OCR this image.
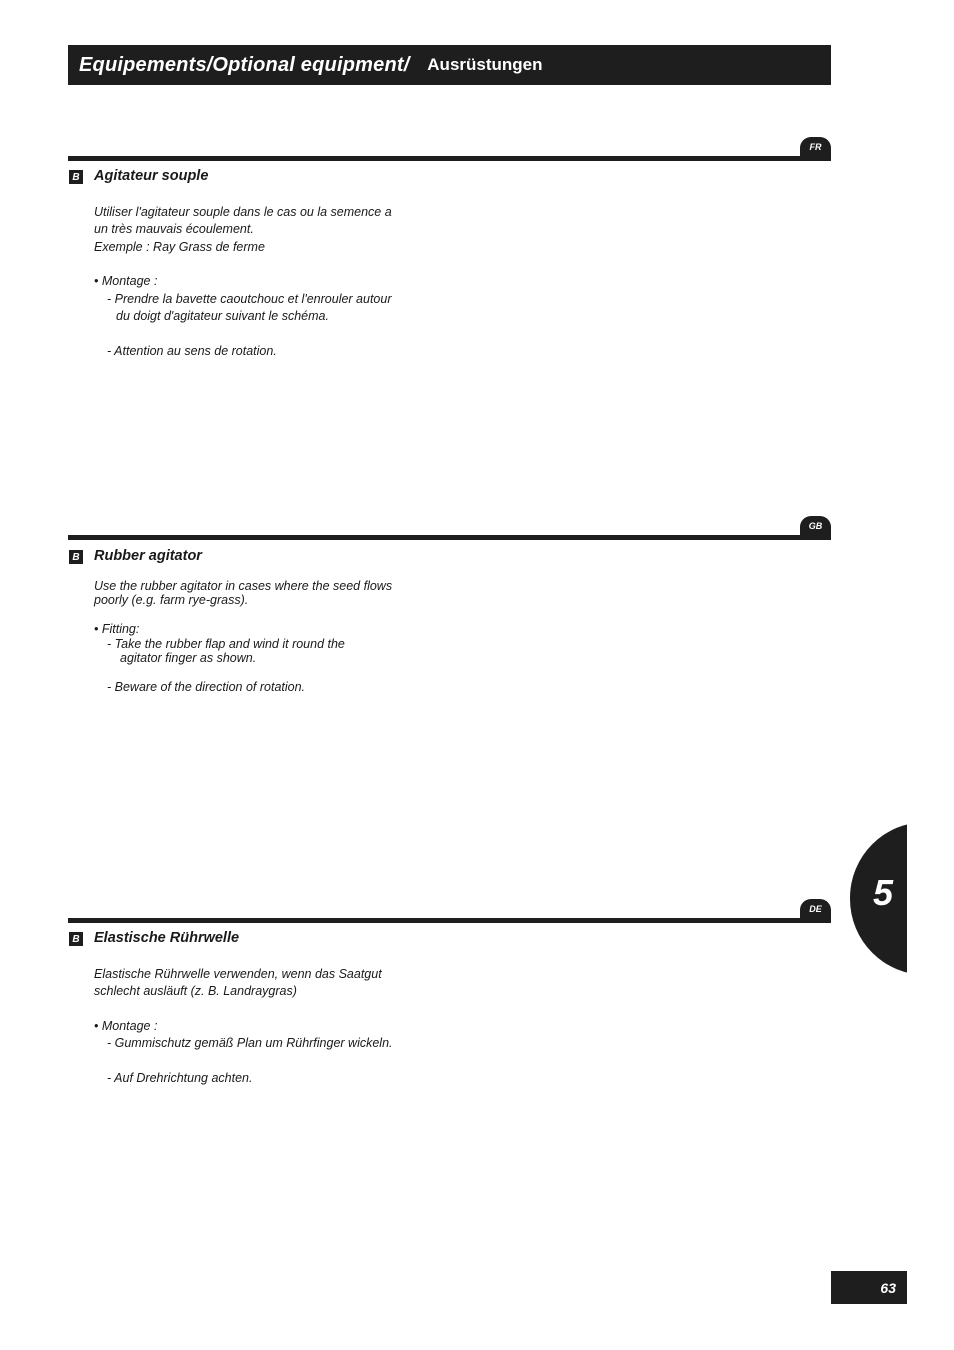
Equipements / Optional equipment / Ausrüstungen
FR
B Agitateur souple
Utiliser l'agitateur souple dans le cas ou la semence a
un très mauvais écoulement.
Exemple : Ray Grass de ferme
• Montage :
- Prendre la bavette caoutchouc et l'enrouler autour
du doigt d'agitateur suivant le schéma.
- Attention au sens de rotation.
GB
B Rubber agitator
Use the rubber agitator in cases where the seed flows
poorly (e.g. farm rye-grass).
• Fitting:
- Take the rubber flap and wind it round the
agitator finger as shown.
- Beware of the direction of rotation.
DE
B Elastische Rührwelle
Elastische Rührwelle verwenden, wenn das Saatgut
schlecht ausläuft (z. B. Landraygras)
• Montage :
- Gummischutz gemäß Plan um Rührfinger wickeln.
- Auf Drehrichtung achten.
5
63
